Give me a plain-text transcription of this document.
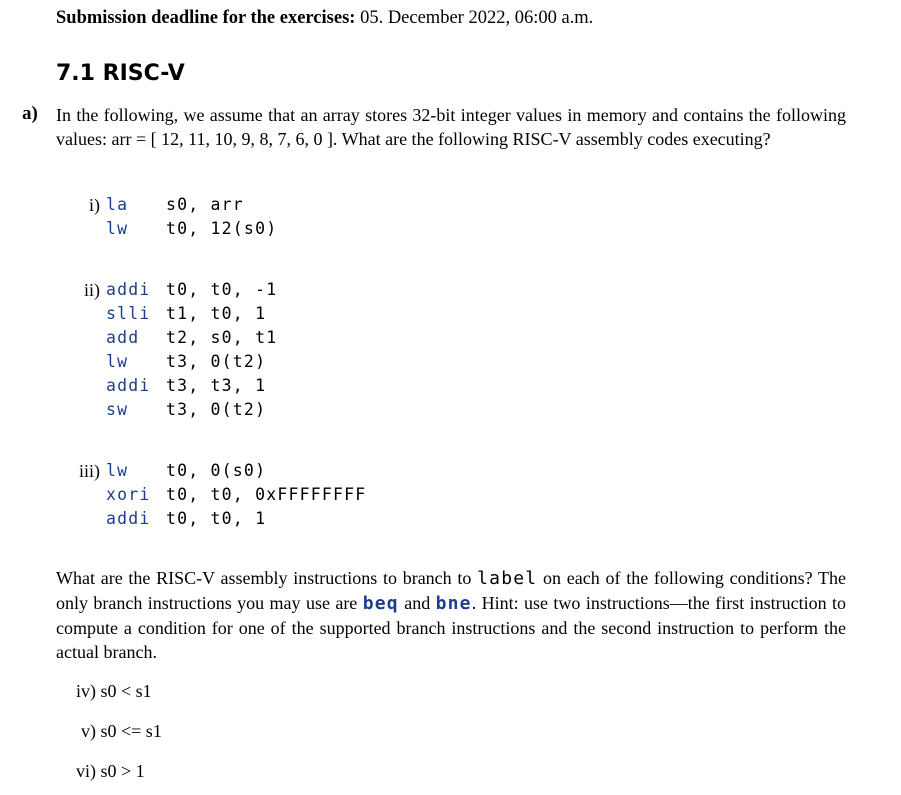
Submission deadline for the exercises: 05. December 2022, 06:00 a.m.
7.1 RISC-V
a) In the following, we assume that an array stores 32-bit integer values in memory and contains the following values: arr = [ 12, 11, 10, 9, 8, 7, 6, 0 ]. What are the following RISC-V assembly codes executing?
i) la s0, arr
lw t0, 12(s0)
ii) addi t0, t0, -1
slli t1, t0, 1
add t2, s0, t1
lw t3, 0(t2)
addi t3, t3, 1
sw t3, 0(t2)
iii) lw t0, 0(s0)
xori t0, t0, 0xFFFFFFFF
addi t0, t0, 1
What are the RISC-V assembly instructions to branch to label on each of the following conditions? The only branch instructions you may use are beq and bne. Hint: use two instructions—the first instruction to compute a condition for one of the supported branch instructions and the second instruction to perform the actual branch.
iv) s0 < s1
v) s0 <= s1
vi) s0 > 1
